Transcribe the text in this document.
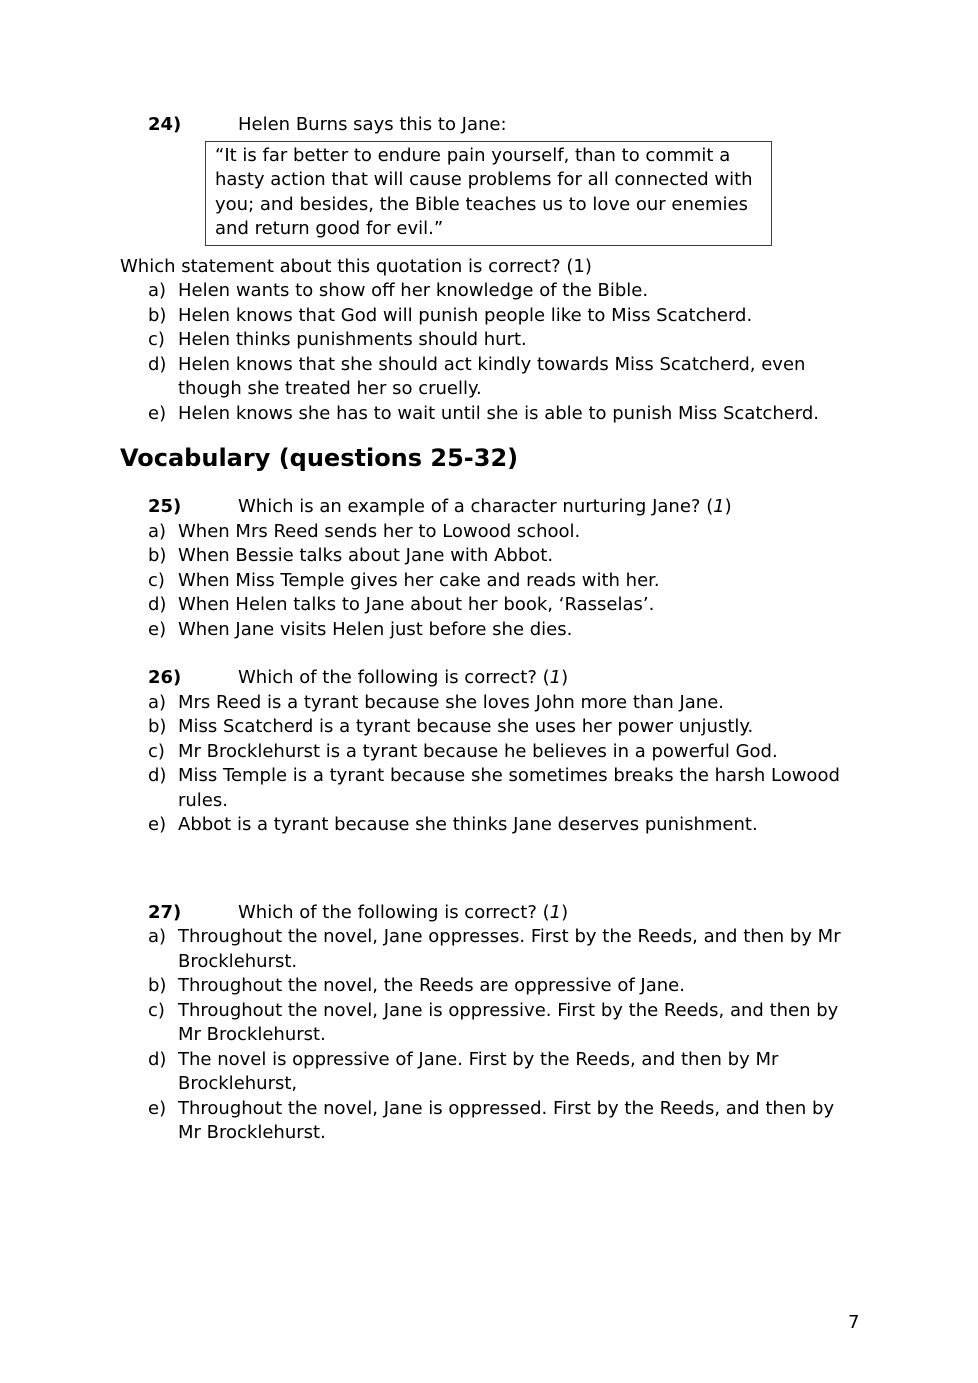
24)	Helen Burns says this to Jane:
“It is far better to endure pain yourself, than to commit a hasty action that will cause problems for all connected with you; and besides, the Bible teaches us to love our enemies and return good for evil.”
Which statement about this quotation is correct? (1)
a) Helen wants to show off her knowledge of the Bible.
b) Helen knows that God will punish people like to Miss Scatcherd.
c) Helen thinks punishments should hurt.
d) Helen knows that she should act kindly towards Miss Scatcherd, even though she treated her so cruelly.
e) Helen knows she has to wait until she is able to punish Miss Scatcherd.
Vocabulary (questions 25-32)
25)	Which is an example of a character nurturing Jane? (1)
a) When Mrs Reed sends her to Lowood school.
b) When Bessie talks about Jane with Abbot.
c) When Miss Temple gives her cake and reads with her.
d) When Helen talks to Jane about her book, ‘Rasselas’.
e) When Jane visits Helen just before she dies.
26)	Which of the following is correct? (1)
a) Mrs Reed is a tyrant because she loves John more than Jane.
b) Miss Scatcherd is a tyrant because she uses her power unjustly.
c) Mr Brocklehurst is a tyrant because he believes in a powerful God.
d) Miss Temple is a tyrant because she sometimes breaks the harsh Lowood rules.
e) Abbot is a tyrant because she thinks Jane deserves punishment.
27)	Which of the following is correct? (1)
a) Throughout the novel, Jane oppresses. First by the Reeds, and then by Mr Brocklehurst.
b) Throughout the novel, the Reeds are oppressive of Jane.
c) Throughout the novel, Jane is oppressive. First by the Reeds, and then by Mr Brocklehurst.
d) The novel is oppressive of Jane. First by the Reeds, and then by Mr Brocklehurst,
e) Throughout the novel, Jane is oppressed. First by the Reeds, and then by Mr Brocklehurst.
7
